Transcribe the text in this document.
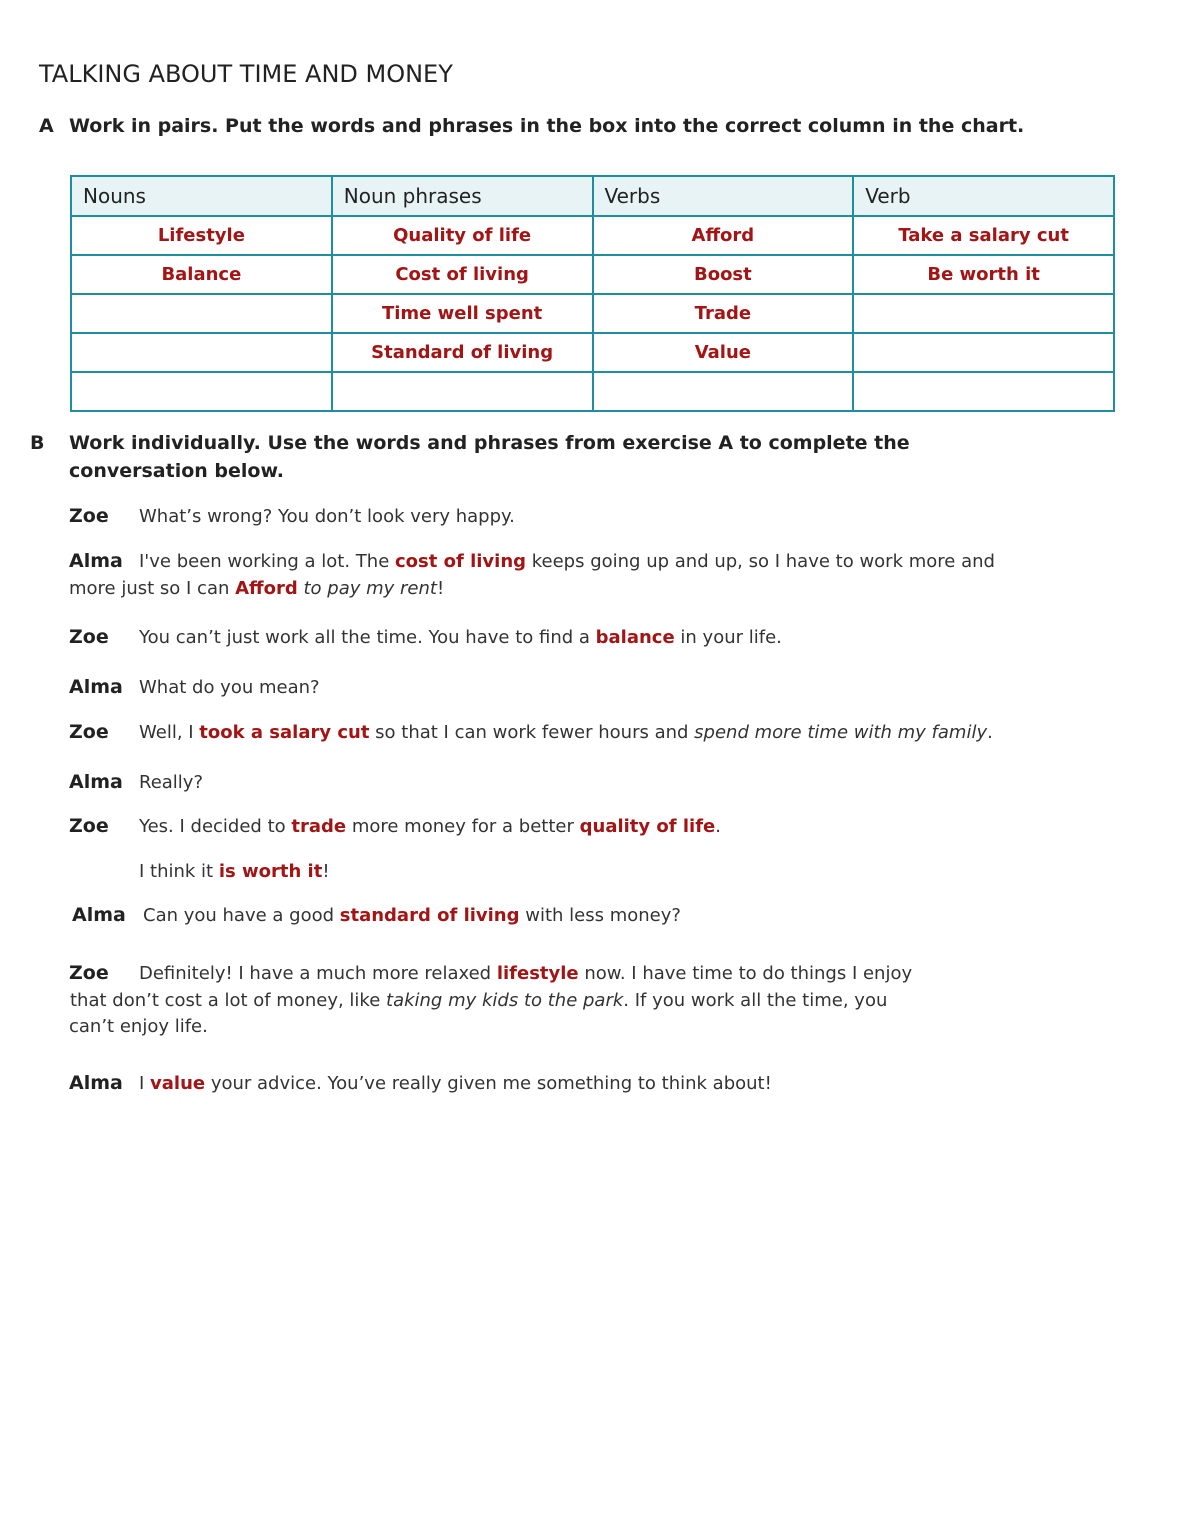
TALKING ABOUT TIME AND MONEY
A Work in pairs. Put the words and phrases in the box into the correct column in the chart.
Nouns	Noun phrases	Verbs	Verb
Lifestyle	Quality of life	Afford	Take a salary cut
Balance	Cost of living	Boost	Be worth it
	Time well spent	Trade	
	Standard of living	Value	

B Work individually. Use the words and phrases from exercise A to complete the
conversation below.
Zoe What’s wrong? You don’t look very happy.
Alma I've been working a lot. The cost of living keeps going up and up, so I have to work more and
more just so I can Afford to pay my rent!
Zoe You can’t just work all the time. You have to find a balance in your life.
Alma What do you mean?
Zoe Well, I took a salary cut so that I can work fewer hours and spend more time with my family.
Alma Really?
Zoe Yes. I decided to trade more money for a better quality of life.
I think it is worth it!
Alma Can you have a good standard of living with less money?
Zoe Definitely! I have a much more relaxed lifestyle now. I have time to do things I enjoy
that don’t cost a lot of money, like taking my kids to the park. If you work all the time, you
can’t enjoy life.
Alma I value your advice. You’ve really given me something to think about!
